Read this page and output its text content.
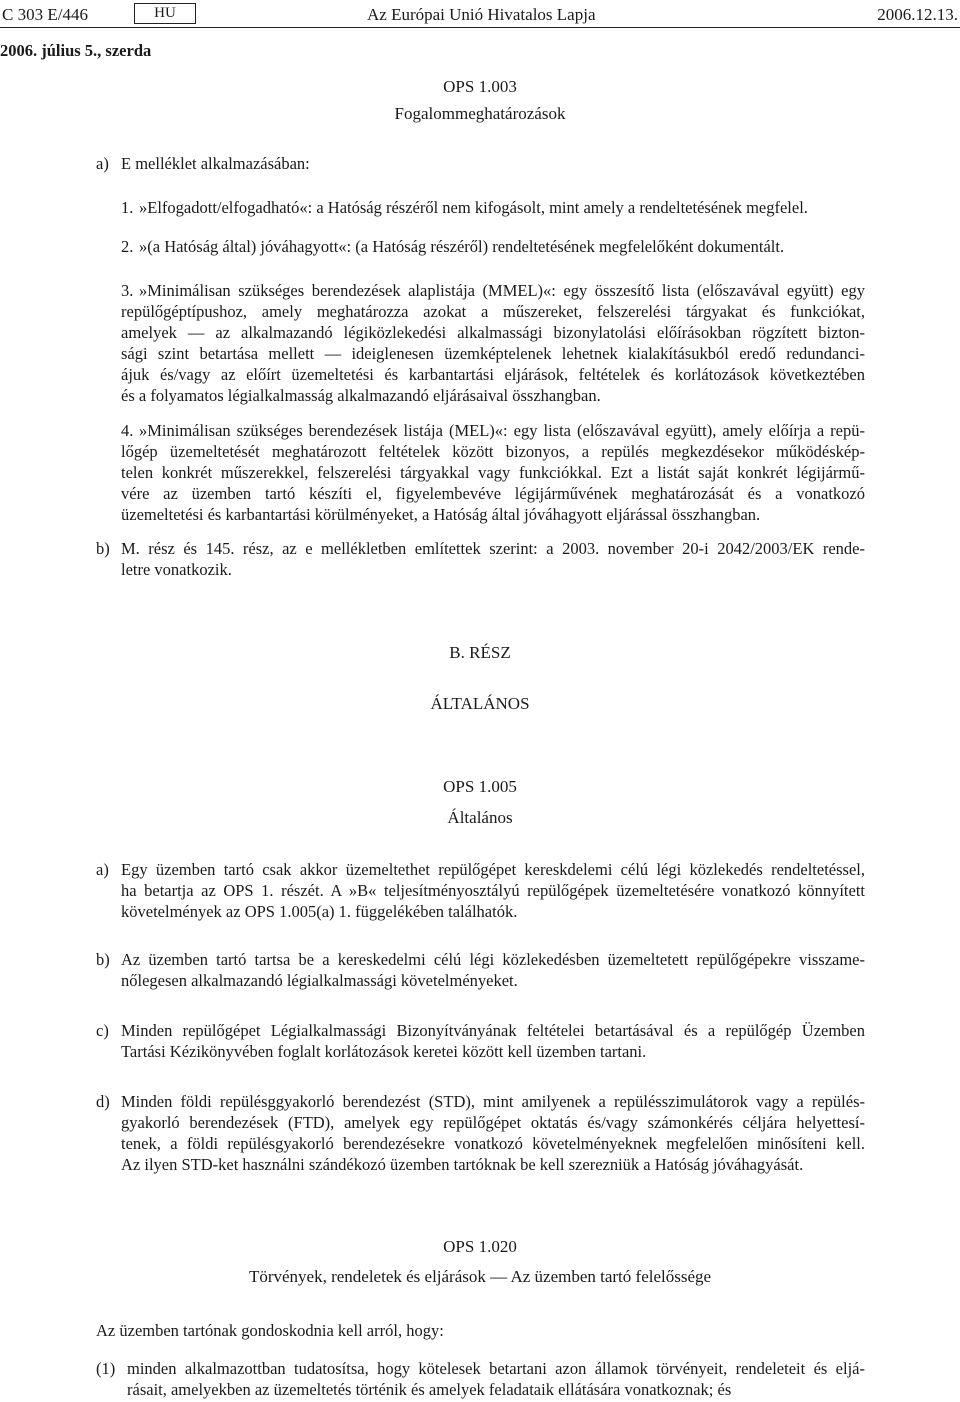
C 303 E/446	HU	Az Európai Unió Hivatalos Lapja	2006.12.13.
2006. július 5., szerda
OPS 1.003
Fogalommeghatározások
a) E melléklet alkalmazásában:
1. »Elfogadott/elfogadható«: a Hatóság részéről nem kifogásolt, mint amely a rendeltetésének megfelel.
2. »(a Hatóság által) jóváhagyott«: (a Hatóság részéről) rendeltetésének megfelelőként dokumentált.
3. »Minimálisan szükséges berendezések alaplistája (MMEL)«: egy összesítő lista (előszavával együtt) egy
repülőgéptípushoz, amely meghatározza azokat a műszereket, felszerelési tárgyakat és funkciókat,
amelyek — az alkalmazandó légiközlekedési alkalmassági bizonylatolási előírásokban rögzített bizton-
sági szint betartása mellett — ideiglenesen üzemképtelenek lehetnek kialakításukból eredő redundanci-
ájuk és/vagy az előírt üzemeltetési és karbantartási eljárások, feltételek és korlátozások következtében
és a folyamatos légialkalmasság alkalmazandó eljárásaival összhangban.
4. »Minimálisan szükséges berendezések listája (MEL)«: egy lista (előszavával együtt), amely előírja a repü-
lőgép üzemeltetését meghatározott feltételek között bizonyos, a repülés megkezdésekor működéskép-
telen konkrét műszerekkel, felszerelési tárgyakkal vagy funkciókkal. Ezt a listát saját konkrét légijármű-
vére az üzemben tartó készíti el, figyelembevéve légijárművének meghatározását és a vonatkozó
üzemeltetési és karbantartási körülményeket, a Hatóság által jóváhagyott eljárással összhangban.
b) M. rész és 145. rész, az e mellékletben említettek szerint: a 2003. november 20-i 2042/2003/EK rende-
letre vonatkozik.
B. RÉSZ
ÁLTALÁNOS
OPS 1.005
Általános
a) Egy üzemben tartó csak akkor üzemeltethet repülőgépet kereskdelemi célú légi közlekedés rendeltetéssel,
ha betartja az OPS 1. részét. A »B« teljesítményosztályú repülőgépek üzemeltetésére vonatkozó könnyített
követelmények az OPS 1.005(a) 1. függelékében találhatók.
b) Az üzemben tartó tartsa be a kereskedelmi célú légi közlekedésben üzemeltetett repülőgépekre visszame-
nőlegesen alkalmazandó légialkalmassági követelményeket.
c) Minden repülőgépet Légialkalmassági Bizonyítványának feltételei betartásával és a repülőgép Üzemben
Tartási Kézikönyvében foglalt korlátozások keretei között kell üzemben tartani.
d) Minden földi repülésggyakorló berendezést (STD), mint amilyenek a repülésszimulátorok vagy a repülés-
gyakorló berendezések (FTD), amelyek egy repülőgépet oktatás és/vagy számonkérés céljára helyettesí-
tenek, a földi repülésgyakorló berendezésekre vonatkozó követelményeknek megfelelően minősíteni kell.
Az ilyen STD-ket használni szándékozó üzemben tartóknak be kell szerezniük a Hatóság jóváhagyását.
OPS 1.020
Törvények, rendeletek és eljárások — Az üzemben tartó felelőssége
Az üzemben tartónak gondoskodnia kell arról, hogy:
(1) minden alkalmazottban tudatosítsa, hogy kötelesek betartani azon államok törvényeit, rendeleteit és eljá-
rásait, amelyekben az üzemeltetés történik és amelyek feladataik ellátására vonatkoznak; és
